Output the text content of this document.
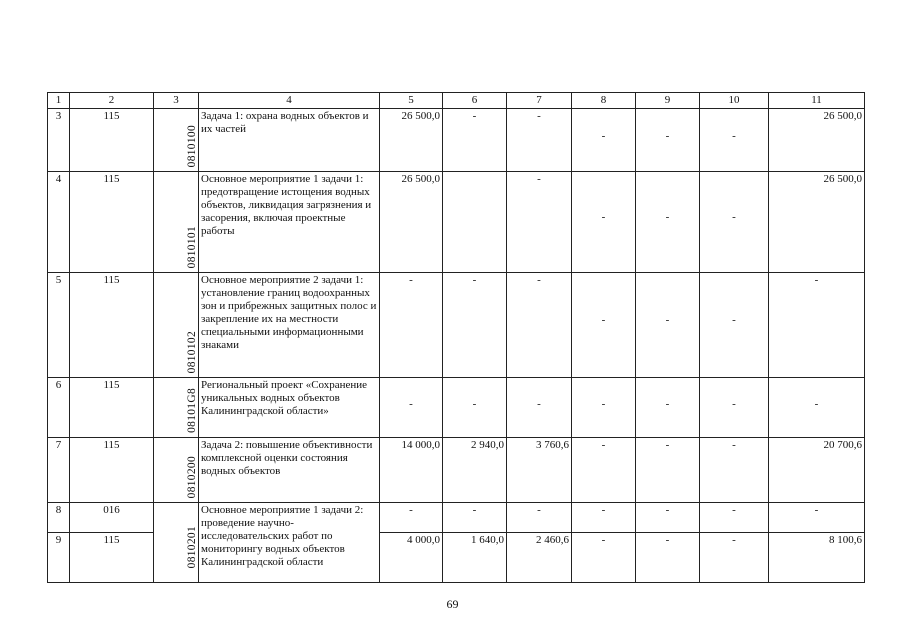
1	2	3	4	5	6	7	8	9	10	11
3	115	0810100	Задача 1: охрана водных объектов и их частей	26 500,0	-	-	-	-	-	26 500,0
4	115	0810101	Основное мероприятие 1 задачи 1: предотвращение истощения водных объектов, ликвидация загрязнения и засорения, включая проектные работы	26 500,0		-	-	-	-	26 500,0
5	115	0810102	Основное мероприятие 2 задачи 1: установление границ водоохранных зон и прибрежных защитных полос и закрепление их на местности специальными информационными знаками	-	-	-	-	-	-	-
6	115	08101G8	Региональный проект «Сохранение уникальных водных объектов Калининградской области»	-	-	-	-	-	-	-

7	115	0810200	Задача 2: повышение объективности комплексной оценки состояния водных объектов	14 000,0	2 940,0	3 760,6	-	-	-	20 700,6
8	016	0810201	Основное мероприятие 1 задачи 2: проведение научно-исследовательских работ по мониторингу водных объектов Калининградской области	-	-	-	-	-	-	-
9	115			4 000,0	1 640,0	2 460,6	-	-	-	8 100,6
69
